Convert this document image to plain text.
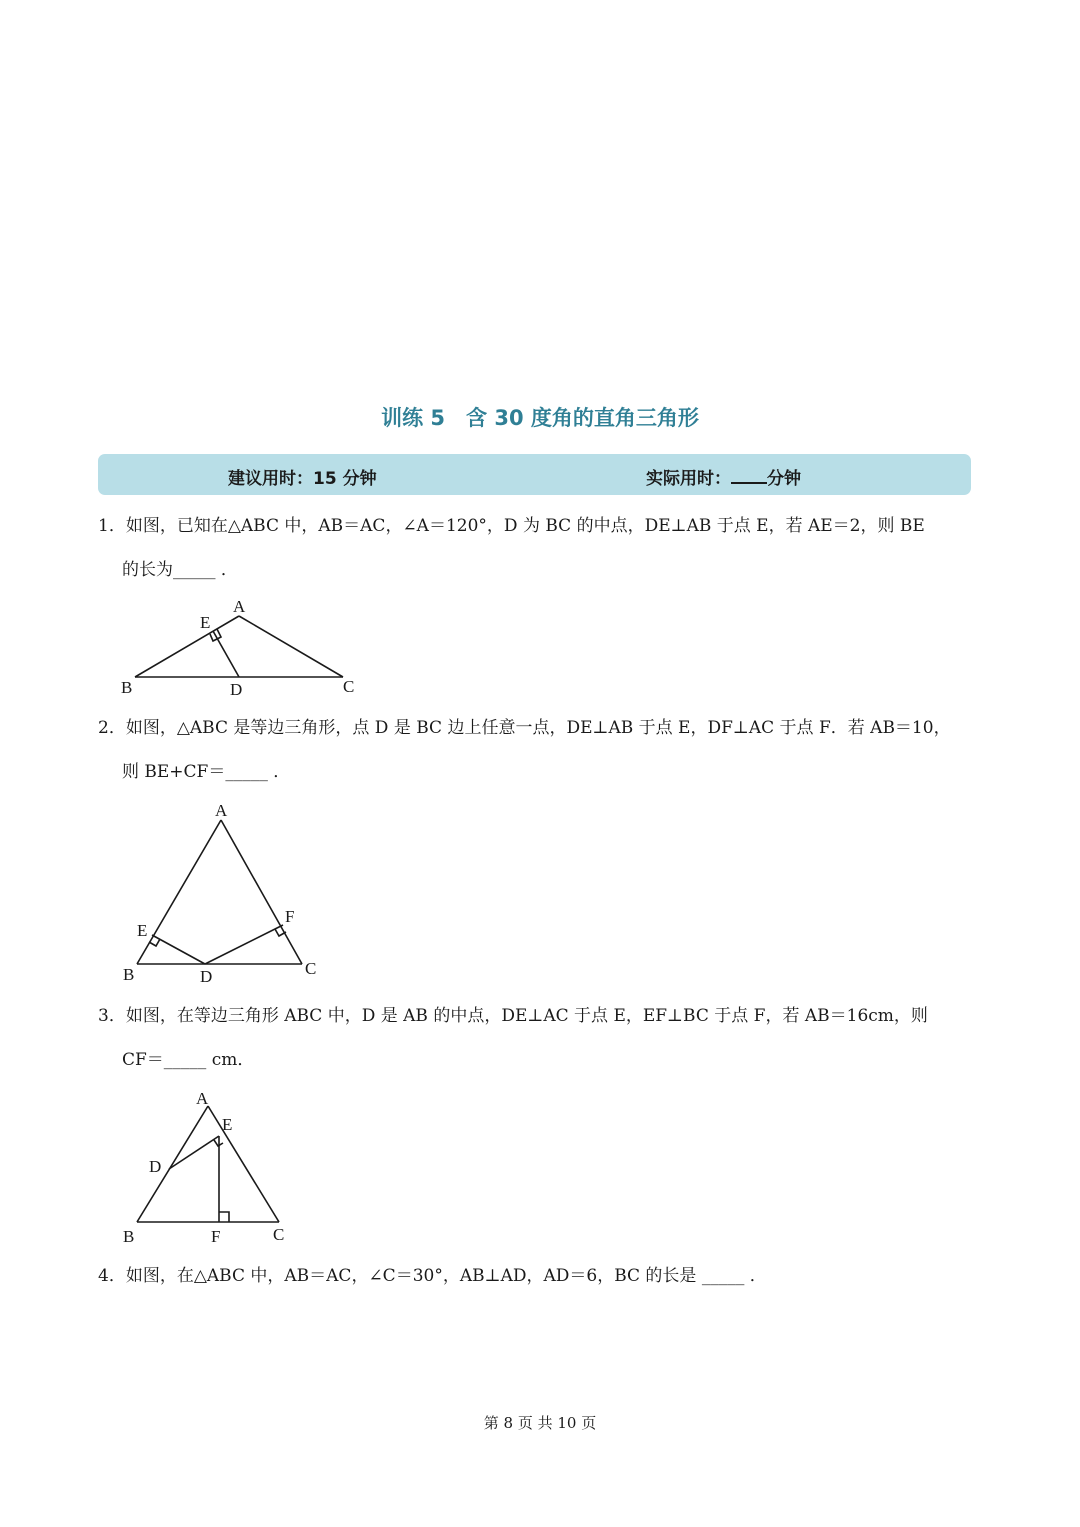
训练 5　含 30 度角的直角三角形
建议用时：15 分钟	实际用时： 分钟
1．如图，已知在△ABC 中，AB＝AC，∠A＝120°，D 为 BC 的中点，DE⊥AB 于点 E，若 AE＝2，则 BE
的长为_____ ．
A
E
B	D	C
2．如图，△ABC 是等边三角形，点 D 是 BC 边上任意一点，DE⊥AB 于点 E，DF⊥AC 于点 F．若 AB＝10，
则 BE+CF＝_____ ．
A
E
F
B	D	C
3．如图，在等边三角形 ABC 中，D 是 AB 的中点，DE⊥AC 于点 E，EF⊥BC 于点 F，若 AB＝16cm，则
CF＝_____ cm．
A
E
D
B	F	C
4．如图，在△ABC 中，AB＝AC，∠C＝30°，AB⊥AD，AD＝6，BC 的长是 _____ ．
第 8 页 共 10 页
